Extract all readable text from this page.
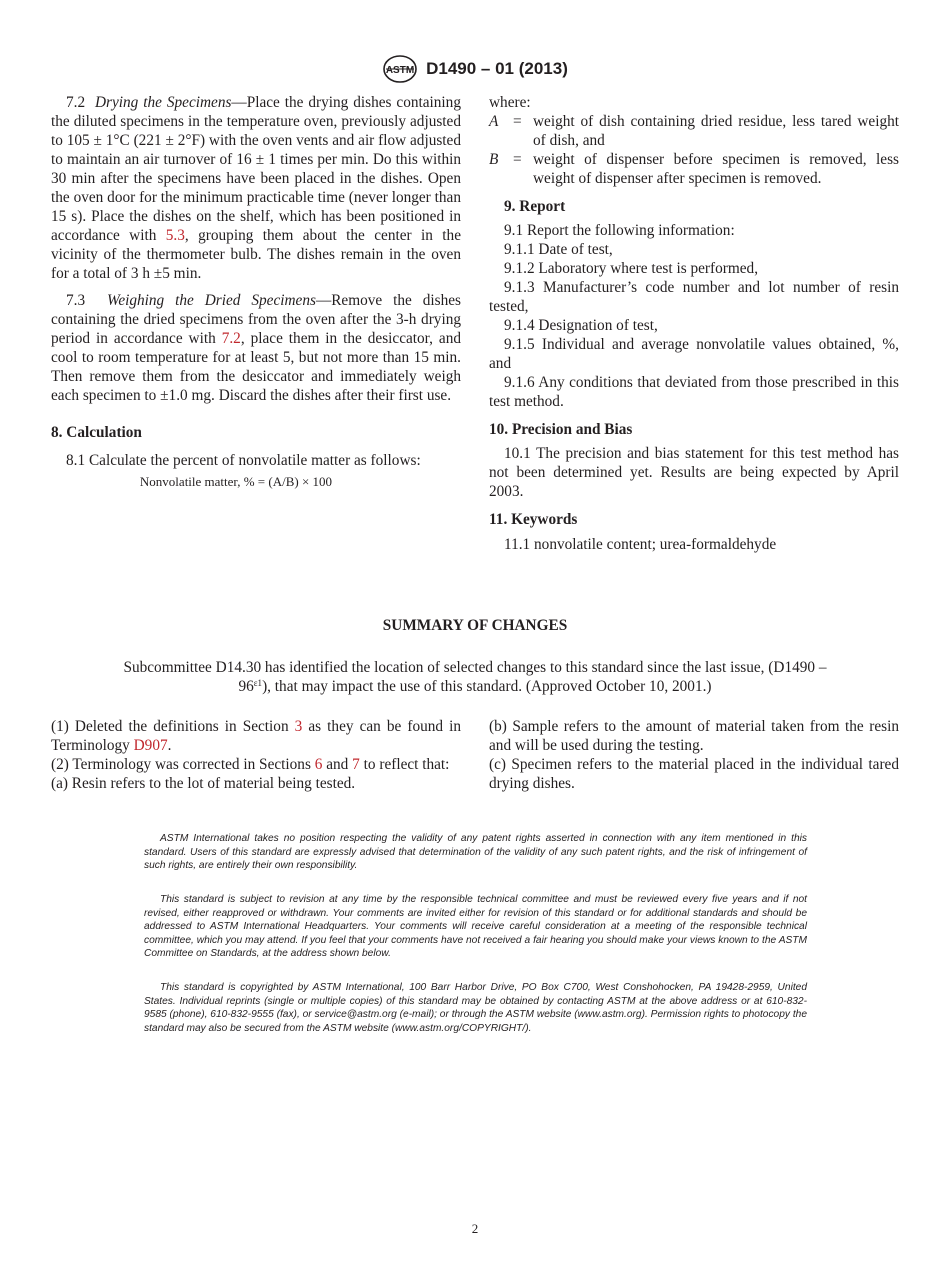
ASTM D1490 – 01 (2013)

7.2 Drying the Specimens—Place the drying dishes containing the diluted specimens in the temperature oven, previously adjusted to 105 ± 1°C (221 ± 2°F) with the oven vents and air flow adjusted to maintain an air turnover of 16 ± 1 times per min. Do this within 30 min after the specimens have been placed in the dishes. Open the oven door for the minimum practicable time (never longer than 15 s). Place the dishes on the shelf, which has been positioned in accordance with 5.3, grouping them about the center in the vicinity of the thermometer bulb. The dishes remain in the oven for a total of 3 h ±5 min.

7.3 Weighing the Dried Specimens—Remove the dishes containing the dried specimens from the oven after the 3-h drying period in accordance with 7.2, place them in the desiccator, and cool to room temperature for at least 5, but not more than 15 min. Then remove them from the desiccator and immediately weigh each specimen to ±1.0 mg. Discard the dishes after their first use.

8. Calculation

8.1 Calculate the percent of nonvolatile matter as follows:

Nonvolatile matter, % = (A/B) × 100

where:

A = weight of dish containing dried residue, less tared weight of dish, and
B = weight of dispenser before specimen is removed, less weight of dispenser after specimen is removed.

9. Report

9.1 Report the following information:

9.1.1 Date of test,

9.1.2 Laboratory where test is performed,

9.1.3 Manufacturer’s code number and lot number of resin tested,

9.1.4 Designation of test,

9.1.5 Individual and average nonvolatile values obtained, %, and

9.1.6 Any conditions that deviated from those prescribed in this test method.

10. Precision and Bias

10.1 The precision and bias statement for this test method has not been determined yet. Results are being expected by April 2003.

11. Keywords

11.1 nonvolatile content; urea-formaldehyde

SUMMARY OF CHANGES
Subcommittee D14.30 has identified the location of selected changes to this standard since the last issue, $(D1490 - 96^{\varepsilon 1})$, that may impact the use of this standard. (Approved October 10, 2001.)

(1) Deleted the definitions in Section 3 as they can be found in Terminology D907.

(2) Terminology was corrected in Sections 6 and 7 to reflect that:

(a) Resin refers to the lot of material being tested.

(b) Sample refers to the amount of material taken from the resin and will be used during the testing.

(c) Specimen refers to the material placed in the individual tared drying dishes.

ASTM International takes no position respecting the validity of any patent rights asserted in connection with any item mentioned in this standard. Users of this standard are expressly advised that determination of the validity of any such patent rights, and the risk of infringement of such rights, are entirely their own responsibility.

This standard is subject to revision at any time by the responsible technical committee and must be reviewed every five years and if not revised, either reapproved or withdrawn. Your comments are invited either for revision of this standard or for additional standards and should be addressed to ASTM International Headquarters. Your comments will receive careful consideration at a meeting of the responsible technical committee, which you may attend. If you feel that your comments have not received a fair hearing you should make your views known to the ASTM Committee on Standards, at the address shown below.

This standard is copyrighted by ASTM International, 100 Barr Harbor Drive, PO Box C700, West Conshohocken, PA 19428-2959, United States. Individual reprints (single or multiple copies) of this standard may be obtained by contacting ASTM at the above address or at 610-832-9585 (phone), 610-832-9555 (fax), or service@astm.org (e-mail); or through the ASTM website (www.astm.org). Permission rights to photocopy the standard may also be secured from the ASTM website (www.astm.org/COPYRIGHT/).

2
